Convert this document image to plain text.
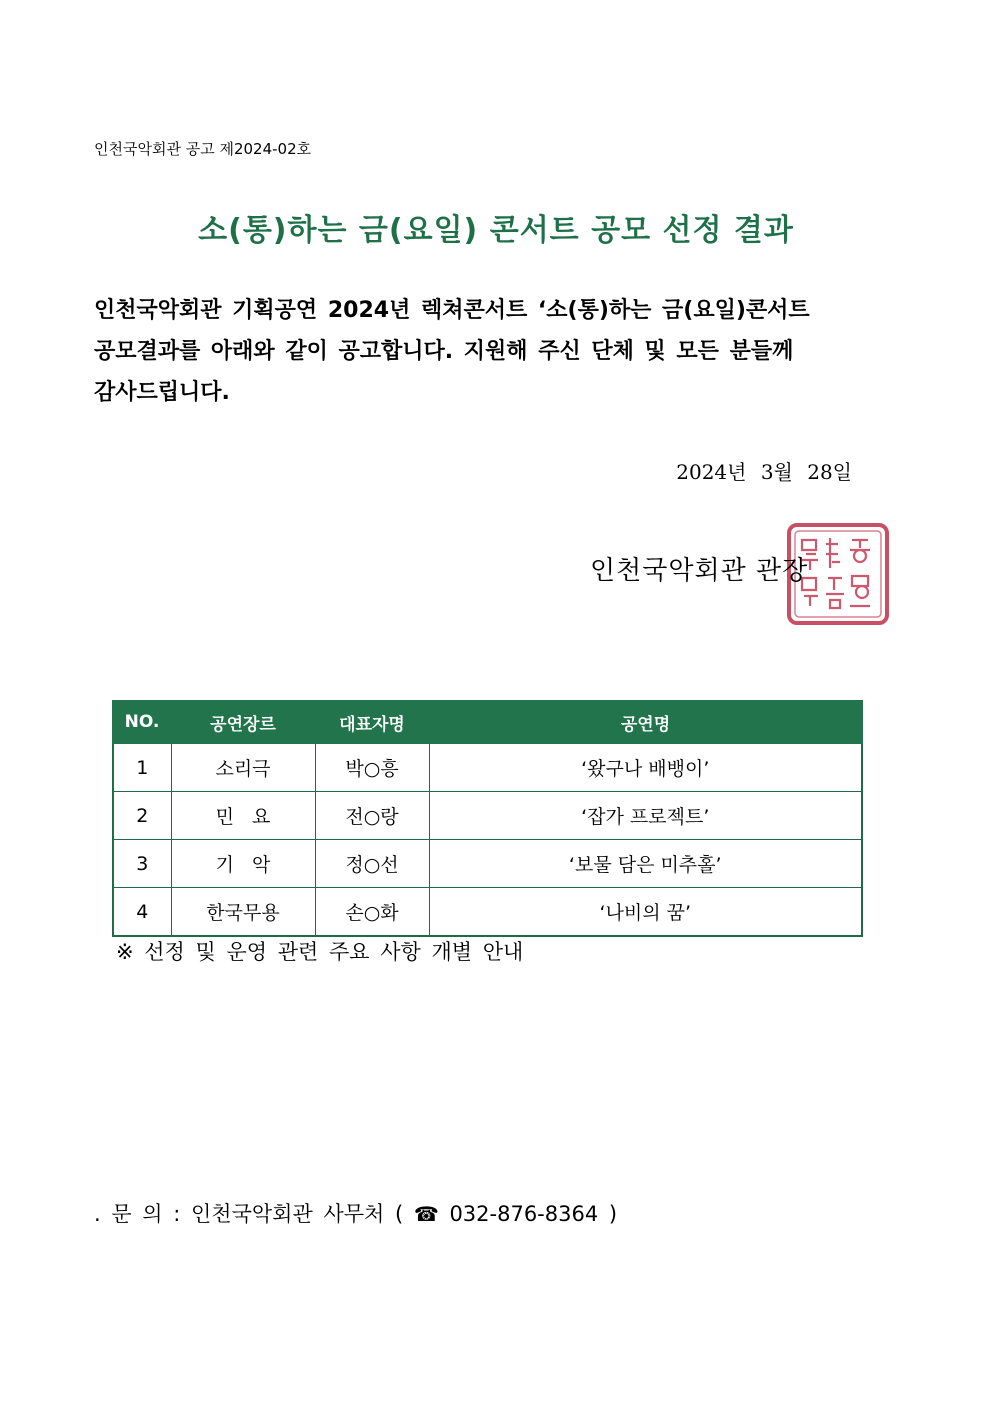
인천국악회관 공고 제2024-02호
소(통)하는 금(요일) 콘서트 공모 선정 결과
인천국악회관 기획공연 2024년 렉쳐콘서트 ‘소(통)하는 금(요일)콘서트
공모결과를 아래와 같이 공고합니다. 지원해 주신 단체 및 모든 분들께
감사드립니다.
2024년 3월 28일
인천국악회관 관장
NO.	공연장르	대표자명	공연명
1	소리극	박○흥	‘왔구나 배뱅이’
2	민   요	전○랑	‘잡가 프로젝트’
3	기   악	정○선	‘보물 담은 미추홀’
4	한국무용	손○화	‘나비의 꿈’
※ 선정 및 운영 관련 주요 사항 개별 안내
. 문 의 : 인천국악회관 사무처 ( ☎ 032-876-8364 )
